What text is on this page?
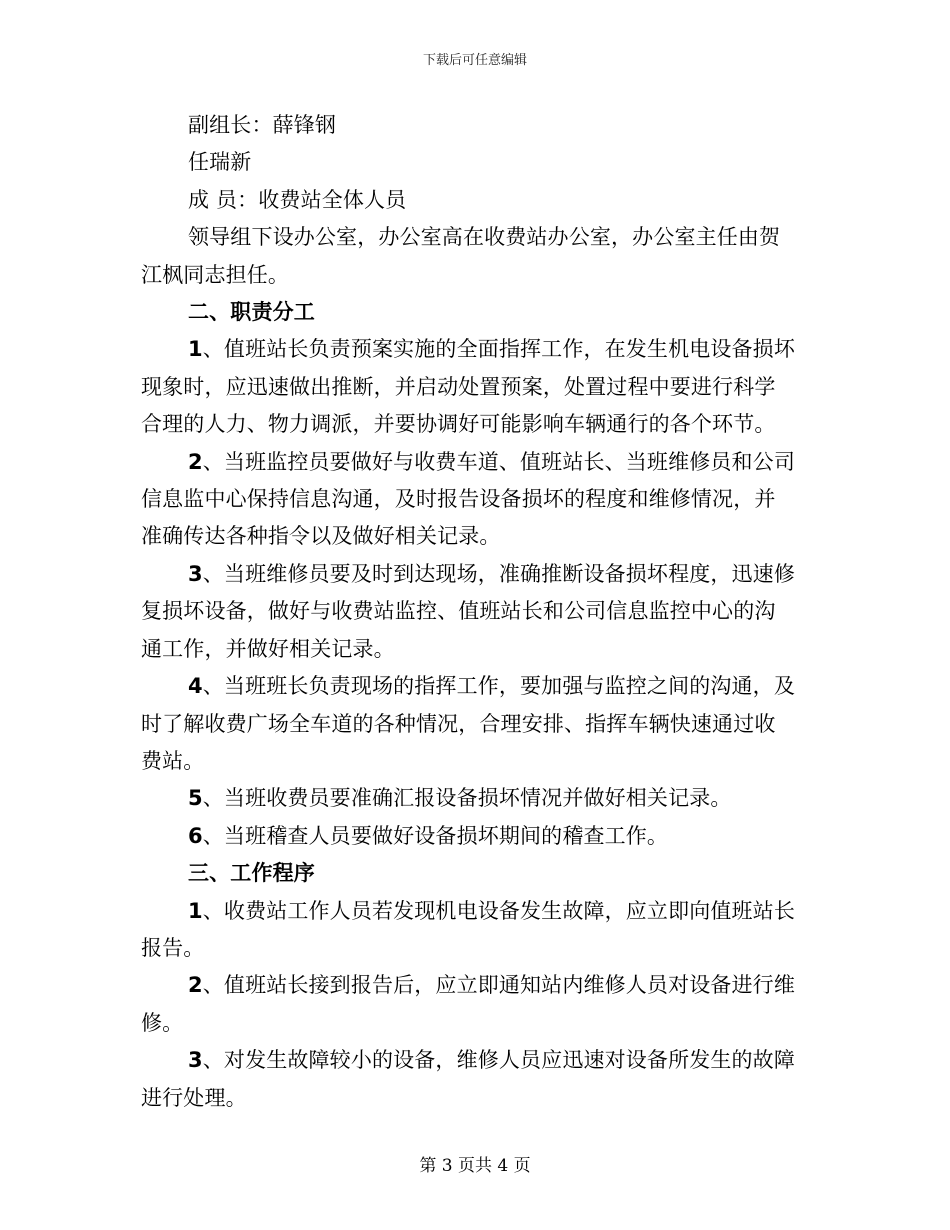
下载后可任意编辑
副组长：薛锋钢
任瑞新
成 员：收费站全体人员
领导组下设办公室，办公室高在收费站办公室，办公室主任由贺
江枫同志担任。
二、职责分工
1、值班站长负责预案实施的全面指挥工作，在发生机电设备损坏
现象时，应迅速做出推断，并启动处置预案，处置过程中要进行科学
合理的人力、物力调派，并要协调好可能影响车辆通行的各个环节。
2、当班监控员要做好与收费车道、值班站长、当班维修员和公司
信息监中心保持信息沟通，及时报告设备损坏的程度和维修情况，并
准确传达各种指令以及做好相关记录。
3、当班维修员要及时到达现场，准确推断设备损坏程度，迅速修
复损坏设备，做好与收费站监控、值班站长和公司信息监控中心的沟
通工作，并做好相关记录。
4、当班班长负责现场的指挥工作，要加强与监控之间的沟通，及
时了解收费广场全车道的各种情况，合理安排、指挥车辆快速通过收
费站。
5、当班收费员要准确汇报设备损坏情况并做好相关记录。
6、当班稽查人员要做好设备损坏期间的稽查工作。
三、工作程序
1、收费站工作人员若发现机电设备发生故障，应立即向值班站长
报告。
2、值班站长接到报告后，应立即通知站内维修人员对设备进行维
修。
3、对发生故障较小的设备，维修人员应迅速对设备所发生的故障
进行处理。
第 3 页共 4 页
